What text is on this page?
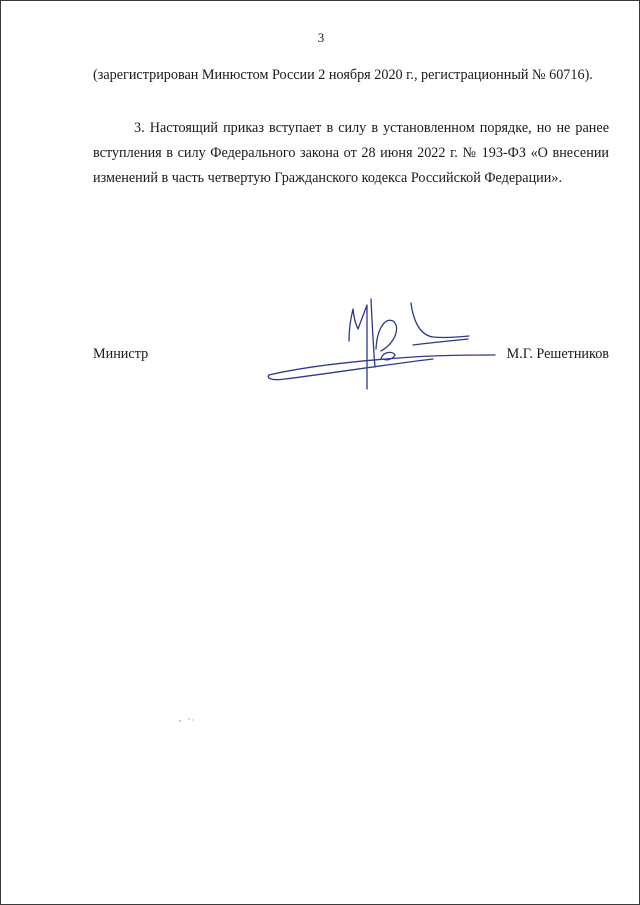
3
(зарегистрирован Минюстом России 2 ноября 2020 г., регистрационный № 60716).
3. Настоящий приказ вступает в силу в установленном порядке, но не ранее вступления в силу Федерального закона от 28 июня 2022 г. № 193-ФЗ «О внесении изменений в часть четвертую Гражданского кодекса Российской Федерации».
Министр	М.Г. Решетников
